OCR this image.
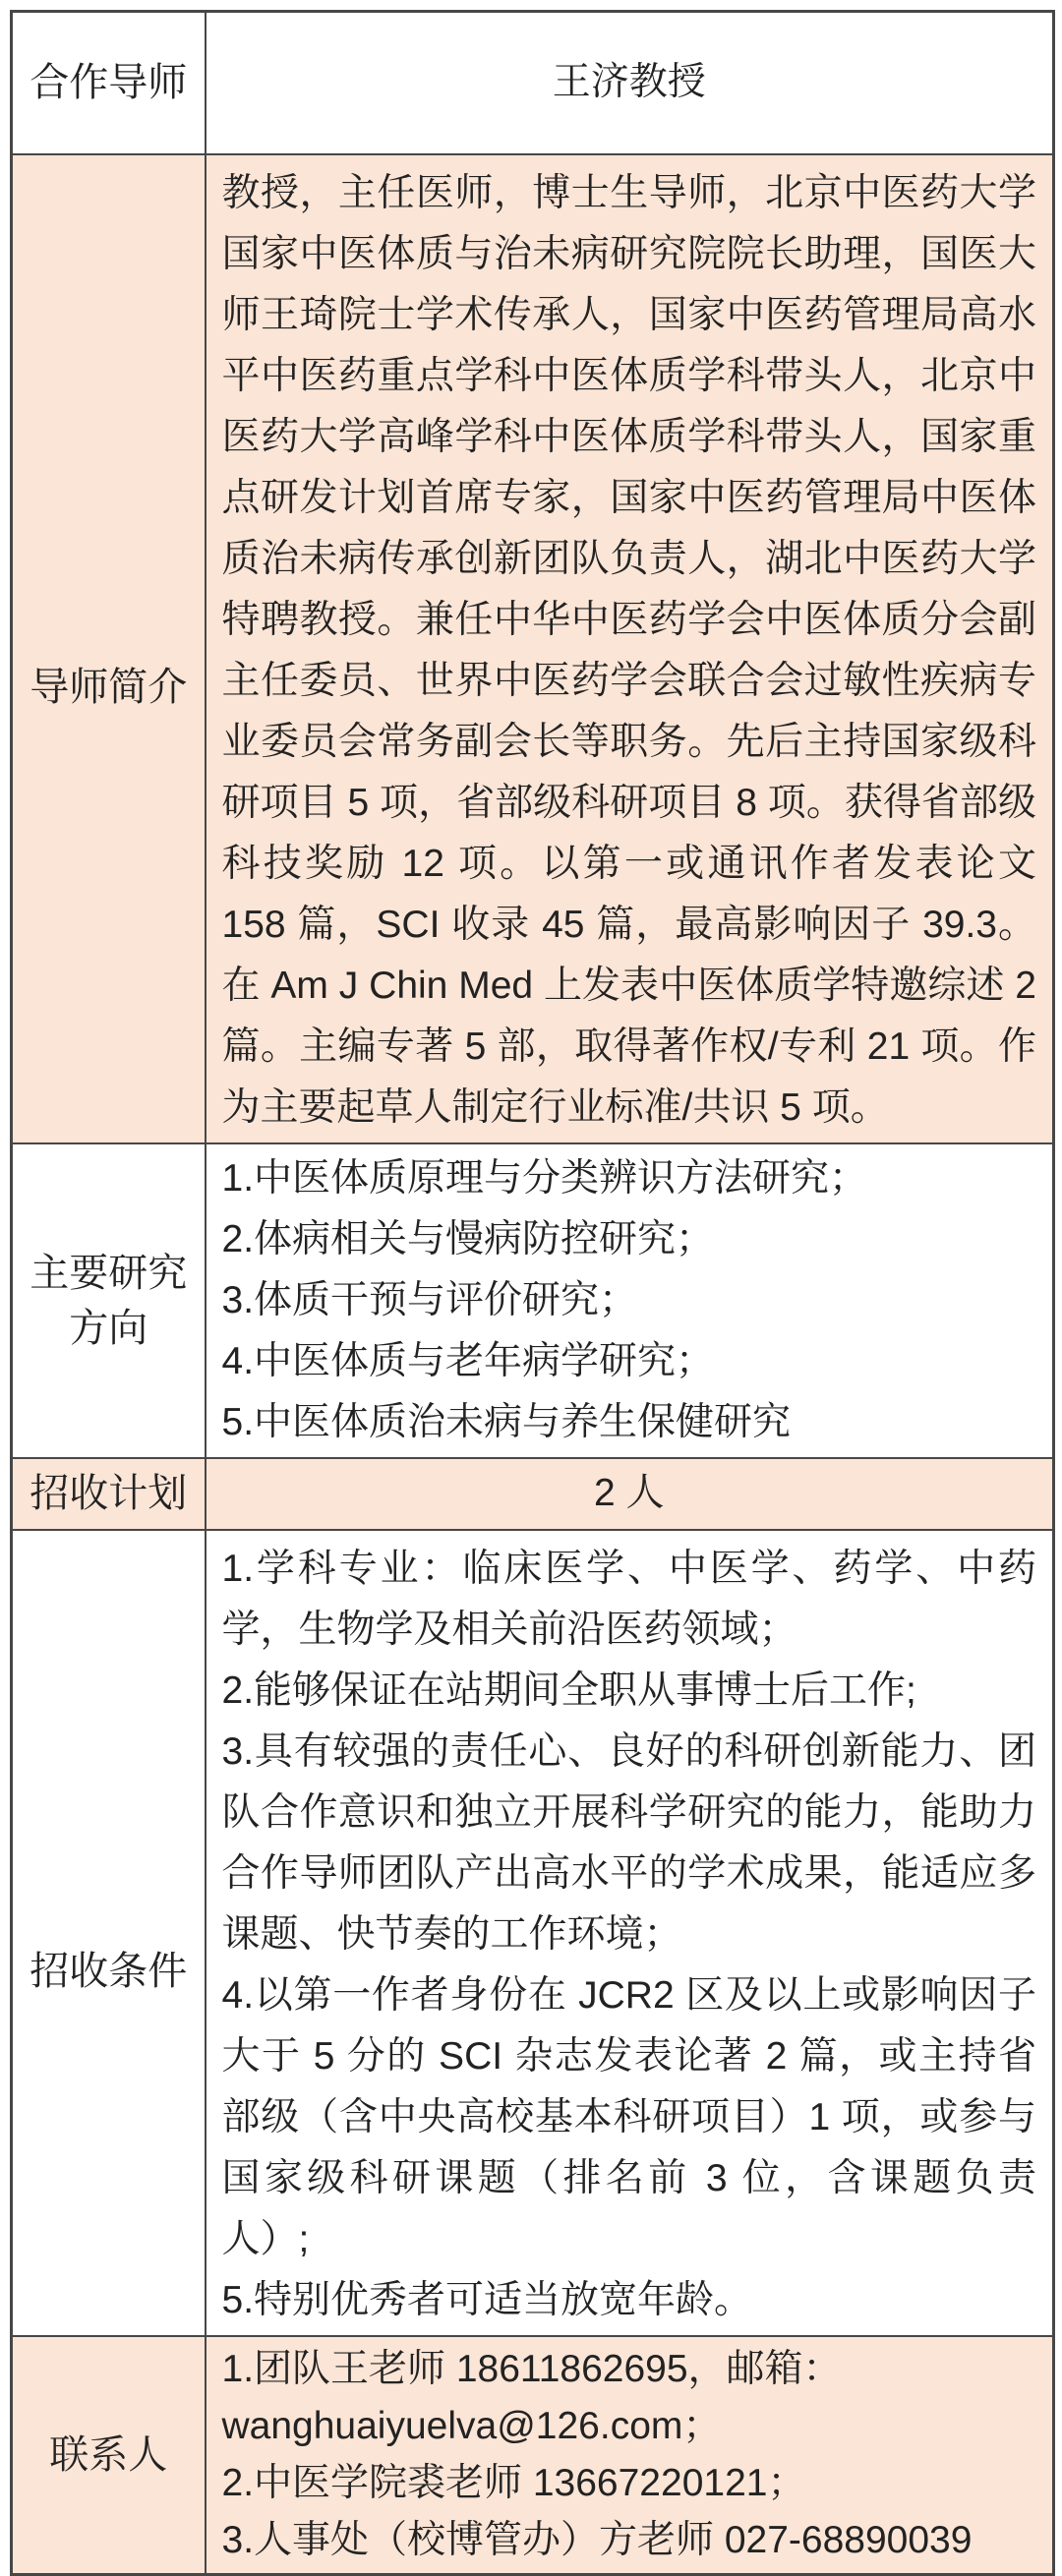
合作导师	王济教授
导师简介	教授，主任医师，博士生导师，北京中医药大学国家中医体质与治未病研究院院长助理，国医大师王琦院士学术传承人，国家中医药管理局高水平中医药重点学科中医体质学科带头人，北京中医药大学高峰学科中医体质学科带头人，国家重点研发计划首席专家，国家中医药管理局中医体质治未病传承创新团队负责人，湖北中医药大学特聘教授。兼任中华中医药学会中医体质分会副主任委员、世界中医药学会联合会过敏性疾病专业委员会常务副会长等职务。先后主持国家级科研项目 5 项，省部级科研项目 8 项。获得省部级科技奖励 12 项。以第一或通讯作者发表论文 158 篇，SCI 收录 45 篇，最高影响因子 39.3。在 Am J Chin Med 上发表中医体质学特邀综述 2 篇。主编专著 5 部，取得著作权/专利 21 项。作为主要起草人制定行业标准/共识 5 项。

主要研究方向	1.中医体质原理与分类辨识方法研究；

2.体病相关与慢病防控研究；

3.体质干预与评价研究；

4.中医体质与老年病学研究；

5.中医体质治未病与养生保健研究

招收计划	2 人
招收条件	1.学科专业：临床医学、中医学、药学、中药学，生物学及相关前沿医药领域；

2.能够保证在站期间全职从事博士后工作;

3.具有较强的责任心、良好的科研创新能力、团队合作意识和独立开展科学研究的能力，能助力合作导师团队产出高水平的学术成果，能适应多课题、快节奏的工作环境；

4.以第一作者身份在 JCR2 区及以上或影响因子大于 5 分的 SCI 杂志发表论著 2 篇，或主持省部级（含中央高校基本科研项目）1 项，或参与国家级科研课题（排名前 3 位，含课题负责人）;

5.特别优秀者可适当放宽年龄。

联系人	1.团队王老师 18611862695，邮箱：wanghuaiyuelva@126.com；

2.中医学院裘老师 13667220121；

3.人事处（校博管办）方老师 027-68890039
